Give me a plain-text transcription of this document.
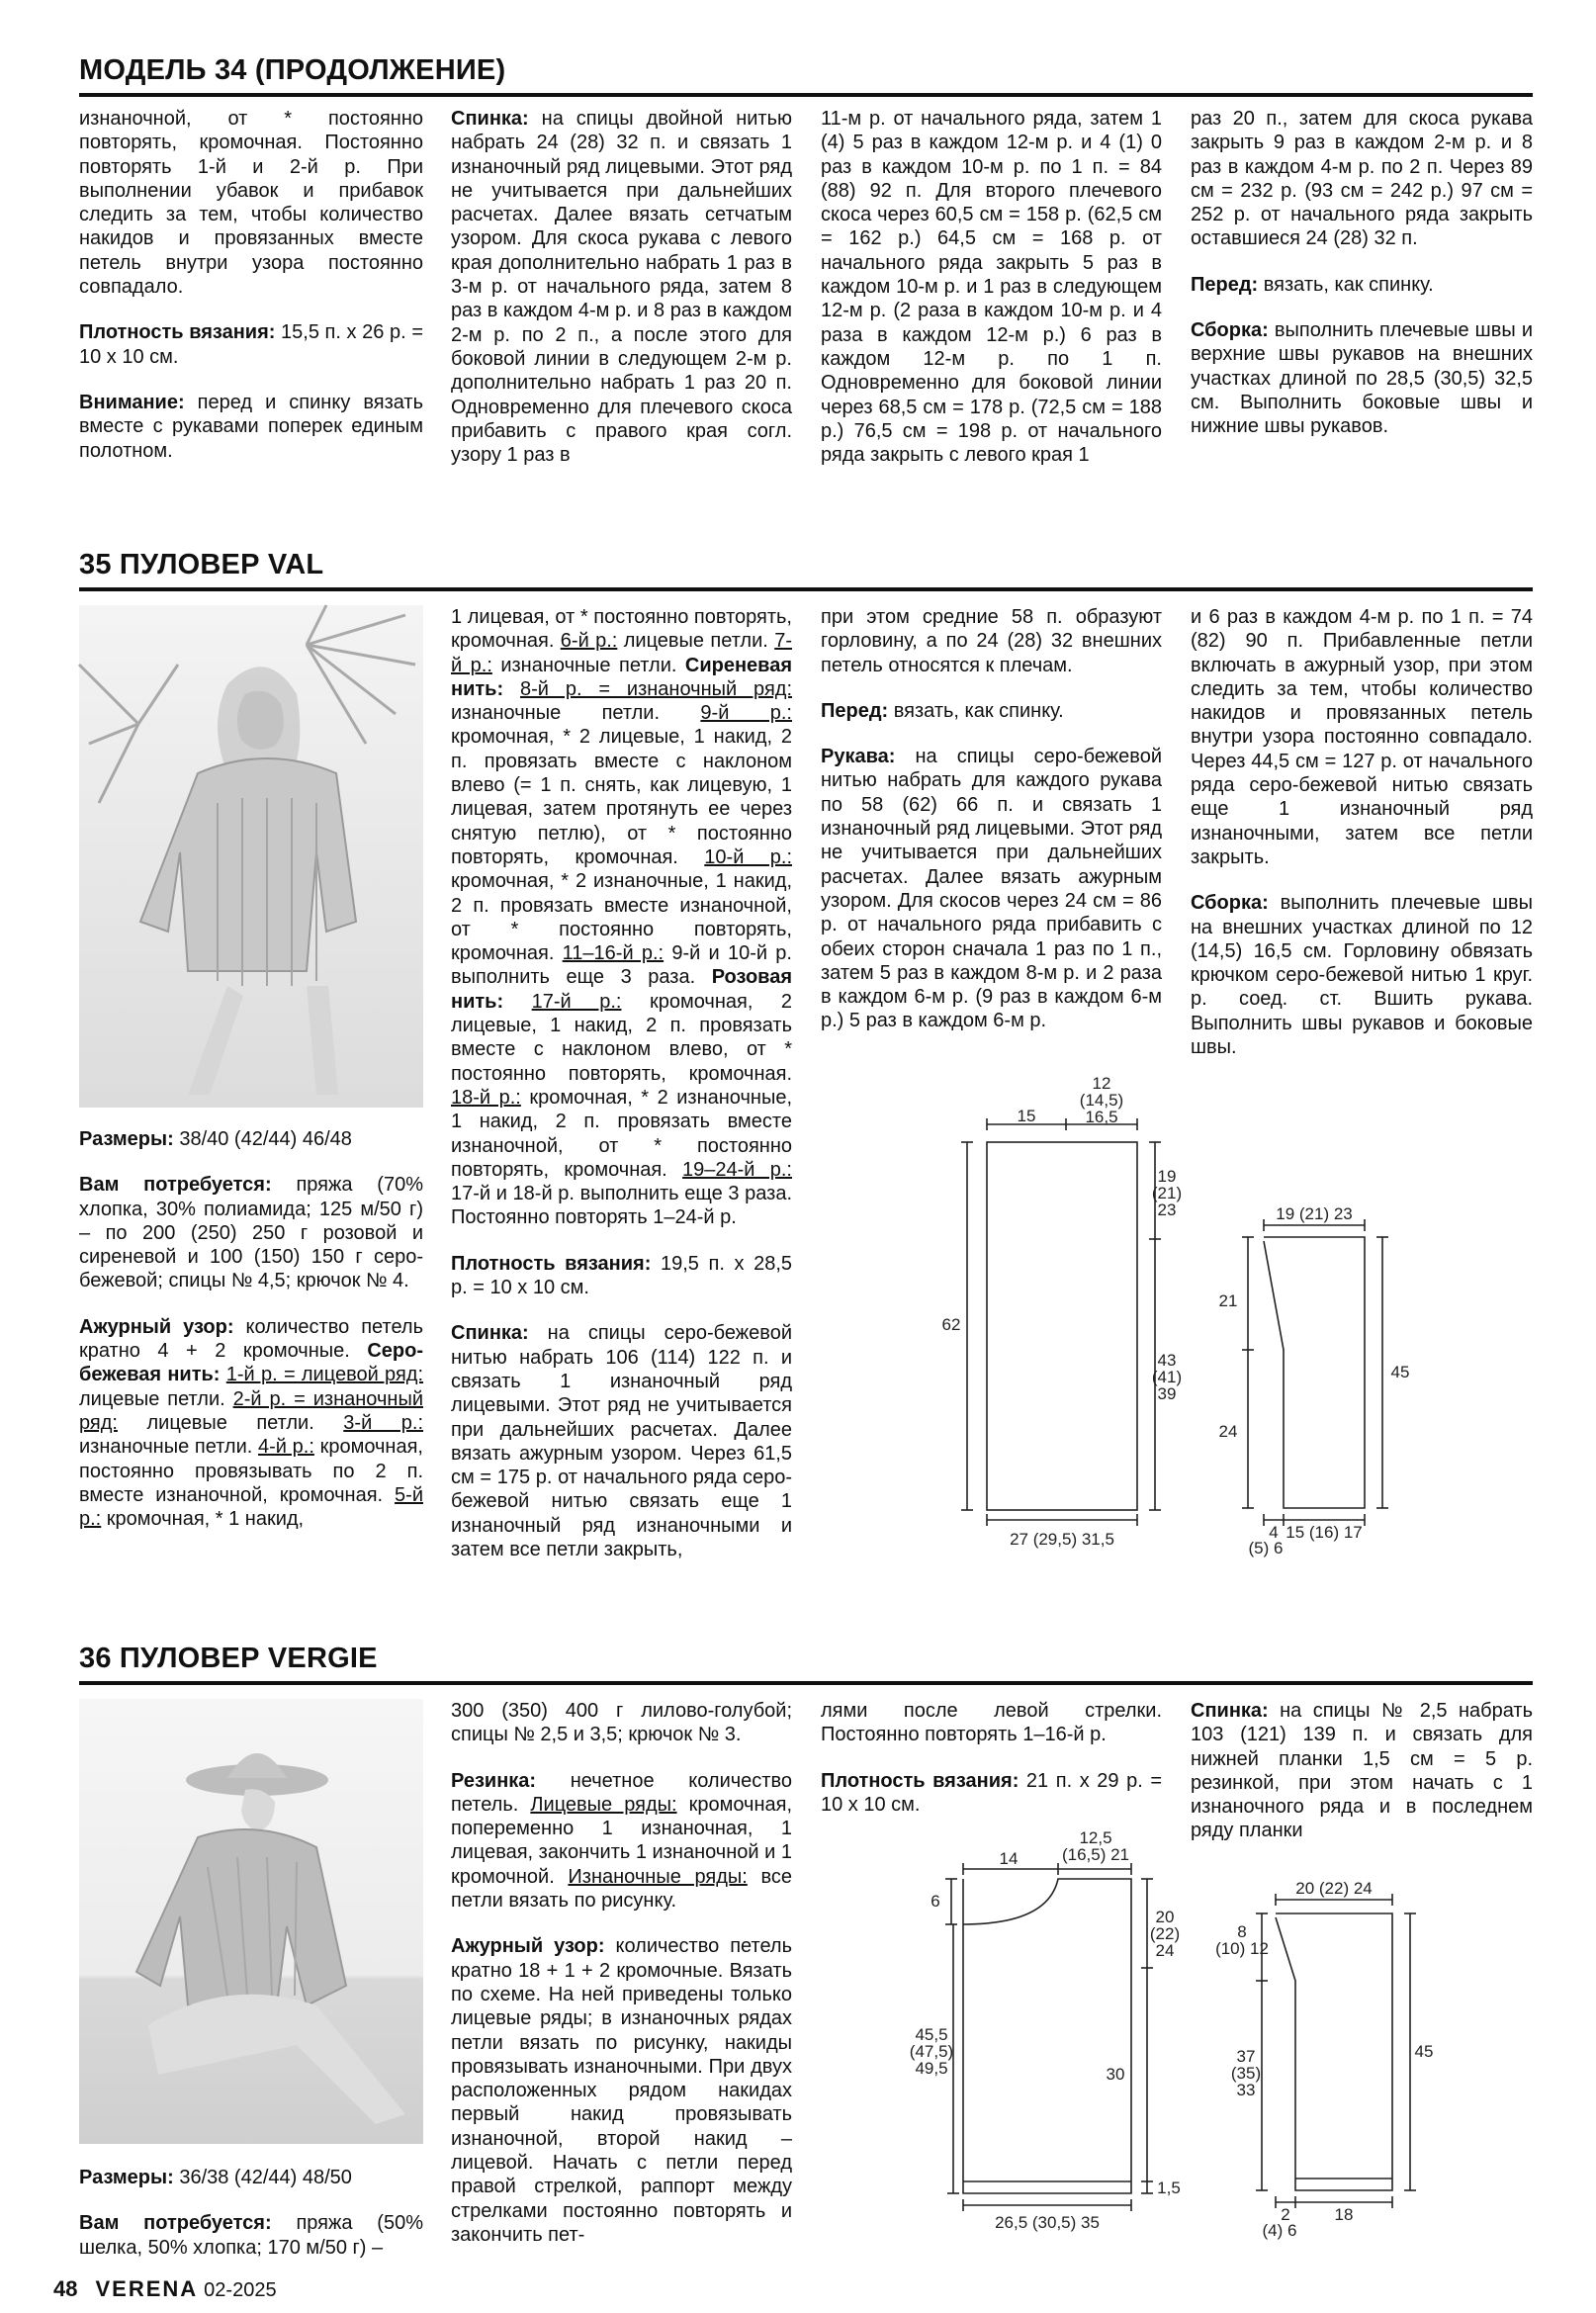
МОДЕЛЬ 34 (ПРОДОЛЖЕНИЕ)

изнаночной, от * постоянно повторять, кромочная. Постоянно повторять 1-й и 2-й р. При выполнении убавок и прибавок следить за тем, чтобы количество накидов и провязанных вместе петель внутри узора постоянно совпадало.

Плотность вязания: 15,5 п. х 26 р. = 10 х 10 см.

Внимание: перед и спинку вязать вместе с рукавами поперек единым полотном.

Спинка: на спицы двойной нитью набрать 24 (28) 32 п. и связать 1 изнаночный ряд лицевыми. Этот ряд не учитывается при дальнейших расчетах. Далее вязать сетчатым узором. Для скоса рукава с левого края дополнительно набрать 1 раз в 3-м р. от начального ряда, затем 8 раз в каждом 4-м р. и 8 раз в каждом 2-м р. по 2 п., а после этого для боковой линии в следующем 2-м р. дополнительно набрать 1 раз 20 п. Одновременно для плечевого скоса прибавить с правого края согл. узору 1 раз в

11-м р. от начального ряда, затем 1 (4) 5 раз в каждом 12-м р. и 4 (1) 0 раз в каждом 10-м р. по 1 п. = 84 (88) 92 п. Для второго плечевого скоса через 60,5 см = 158 р. (62,5 см = 162 р.) 64,5 см = 168 р. от начального ряда закрыть 5 раз в каждом 10-м р. и 1 раз в следующем 12-м р. (2 раза в каждом 10-м р. и 4 раза в каждом 12-м р.) 6 раз в каждом 12-м р. по 1 п. Одновременно для боковой линии через 68,5 см = 178 р. (72,5 см = 188 р.) 76,5 см = 198 р. от начального ряда закрыть с левого края 1

раз 20 п., затем для скоса рукава закрыть 9 раз в каждом 2-м р. и 8 раз в каждом 4-м р. по 2 п. Через 89 см = 232 р. (93 см = 242 р.) 97 см = 252 р. от начального ряда закрыть оставшиеся 24 (28) 32 п.

Перед: вязать, как спинку.

Сборка: выполнить плечевые швы и верхние швы рукавов на внешних участках длиной по 28,5 (30,5) 32,5 см. Выполнить боковые швы и нижние швы рукавов.

35 ПУЛОВЕР VAL

Размеры: 38/40 (42/44) 46/48

Вам потребуется: пряжа (70% хлопка, 30% полиамида; 125 м/50 г) – по 200 (250) 250 г розовой и сиреневой и 100 (150) 150 г серо-бежевой; спицы № 4,5; крючок № 4.

Ажурный узор: количество петель кратно 4 + 2 кромочные. Серо-бежевая нить: 1-й р. = лицевой ряд: лицевые петли. 2-й р. = изнаночный ряд: лицевые петли. 3-й р.: изнаночные петли. 4-й р.: кромочная, постоянно провязывать по 2 п. вместе изнаночной, кромочная. 5-й р.: кромочная, * 1 накид,

1 лицевая, от * постоянно повторять, кромочная. 6-й р.: лицевые петли. 7-й р.: изнаночные петли. Сиреневая нить: 8-й р. = изнаночный ряд: изнаночные петли. 9-й р.: кромочная, * 2 лицевые, 1 накид, 2 п. провязать вместе с наклоном влево (= 1 п. снять, как лицевую, 1 лицевая, затем протянуть ее через снятую петлю), от * постоянно повторять, кромочная. 10-й р.: кромочная, * 2 изнаночные, 1 накид, 2 п. провязать вместе изнаночной, от * постоянно повторять, кромочная. 11–16-й р.: 9-й и 10-й р. выполнить еще 3 раза. Розовая нить: 17-й р.: кромочная, 2 лицевые, 1 накид, 2 п. провязать вместе с наклоном влево, от * постоянно повторять, кромочная. 18-й р.: кромочная, * 2 изнаночные, 1 накид, 2 п. провязать вместе изнаночной, от * постоянно повторять, кромочная. 19–24-й р.: 17-й и 18-й р. выполнить еще 3 раза. Постоянно повторять 1–24-й р.

Плотность вязания: 19,5 п. х 28,5 р. = 10 х 10 см.

Спинка: на спицы серо-бежевой нитью набрать 106 (114) 122 п. и связать 1 изнаночный ряд лицевыми. Этот ряд не учитывается при дальнейших расчетах. Далее вязать ажурным узором. Через 61,5 см = 175 р. от начального ряда серо-бежевой нитью связать еще 1 изнаночный ряд изнаночными и затем все петли закрыть,

при этом средние 58 п. образуют горловину, а по 24 (28) 32 внешних петель относятся к плечам.

Перед: вязать, как спинку.

Рукава: на спицы серо-бежевой нитью набрать для каждого рукава по 58 (62) 66 п. и связать 1 изнаночный ряд лицевыми. Этот ряд не учитывается при дальнейших расчетах. Далее вязать ажурным узором. Для скосов через 24 см = 86 р. от начального ряда прибавить с обеих сторон сначала 1 раз по 1 п., затем 5 раз в каждом 8-м р. и 2 раза в каждом 6-м р. (9 раз в каждом 6-м р.) 5 раз в каждом 6-м р.

и 6 раз в каждом 4-м р. по 1 п. = 74 (82) 90 п. Прибавленные петли включать в ажурный узор, при этом следить за тем, чтобы количество накидов и провязанных петель внутри узора постоянно совпадало. Через 44,5 см = 127 р. от начального ряда серо-бежевой нитью связать еще 1 изнаночный ряд изнаночными, затем все петли закрыть.

Сборка: выполнить плечевые швы на внешних участках длиной по 12 (14,5) 16,5 см. Горловину обвязать крючком серо-бежевой нитью 1 круг. р. соед. ст. Вшить рукава. Выполнить швы рукавов и боковые швы.

12
(14,5)
16,5
15
19
(21)
23
62
43
(41)
39
27 (29,5) 31,5
19 (21) 23
21
24
45
4
(5) 6
15 (16) 17
36 ПУЛОВЕР VERGIE

Размеры: 36/38 (42/44) 48/50

Вам потребуется: пряжа (50% шелка, 50% хлопка; 170 м/50 г) –

300 (350) 400 г лилово-голубой; спицы № 2,5 и 3,5; крючок № 3.

Резинка: нечетное количество петель. Лицевые ряды: кромочная, попеременно 1 изнаночная, 1 лицевая, закончить 1 изнаночной и 1 кромочной. Изнаночные ряды: все петли вязать по рисунку.

Ажурный узор: количество петель кратно 18 + 1 + 2 кромочные. Вязать по схеме. На ней приведены только лицевые ряды; в изнаночных рядах петли вязать по рисунку, накиды провязывать изнаночными. При двух расположенных рядом накидах первый накид провязывать изнаночной, второй накид – лицевой. Начать с петли перед правой стрелкой, раппорт между стрелками постоянно повторять и закончить пет-

лями после левой стрелки. Постоянно повторять 1–16-й р.

Плотность вязания: 21 п. х 29 р. = 10 х 10 см.

Спинка: на спицы № 2,5 набрать 103 (121) 139 п. и связать для нижней планки 1,5 см = 5 р. резинкой, при этом начать с 1 изнаночного ряда и в последнем ряду планки

12,5
(16,5) 21
14
6
20
(22)
24
45,5
(47,5)
49,5	30
1,5
26,5 (30,5) 35
20 (22) 24
8
(10) 12
37
(35)
33
45
2
(4) 6
18
48 VERENA 02-2025
